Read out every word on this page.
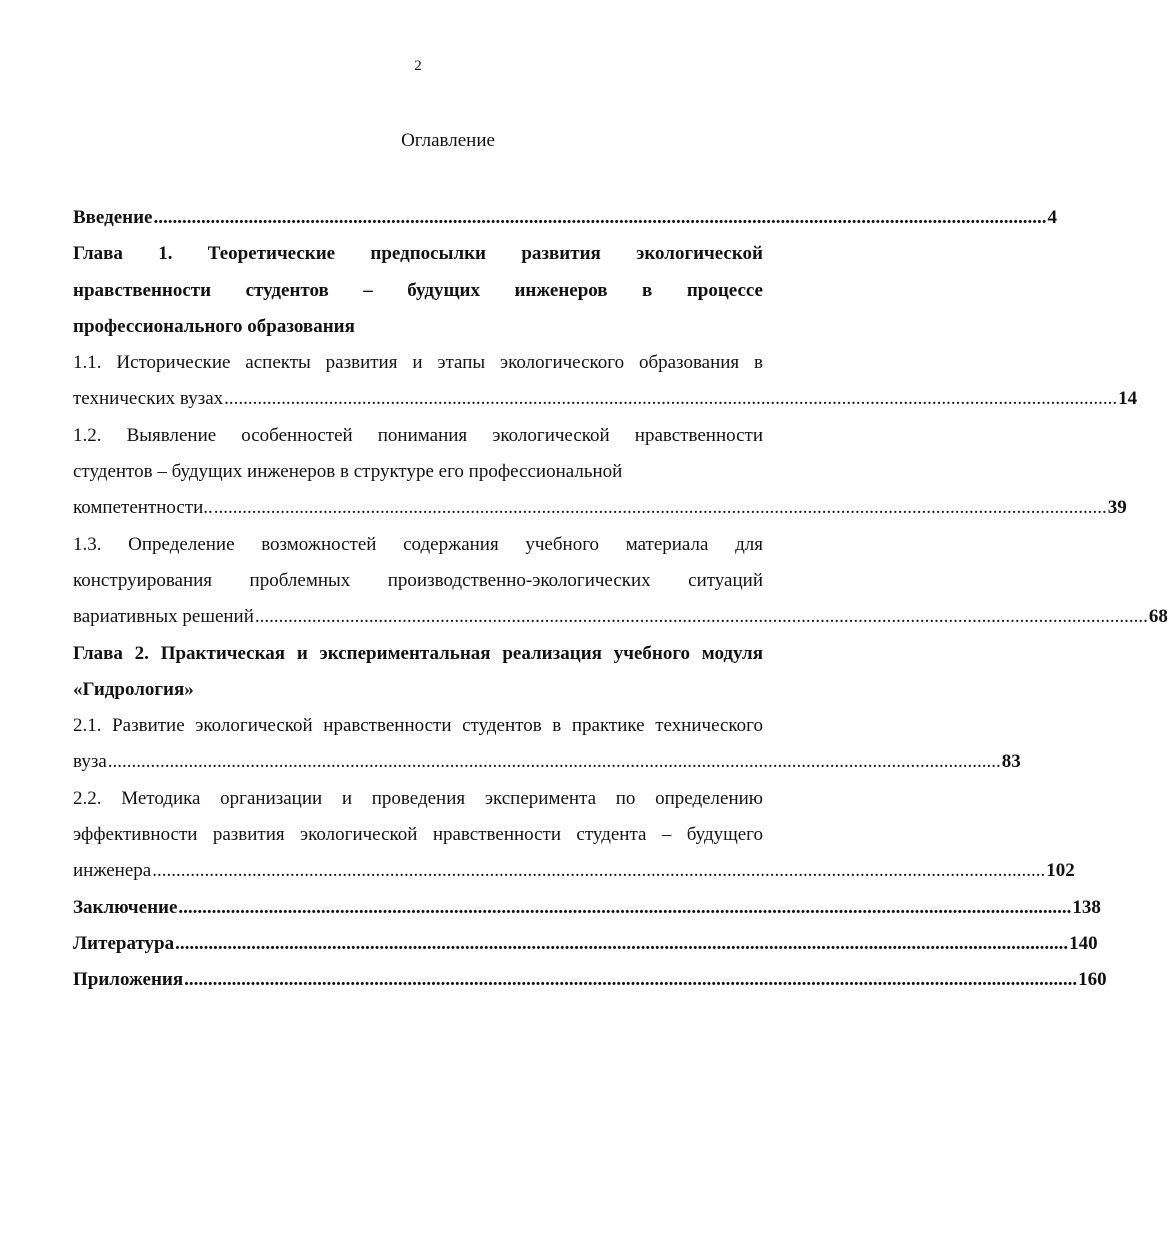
2
Оглавление
Введение ............................................................................................................................................................................................ 4
Глава 1. Теоретические предпосылки развития экологической
нравственности студентов – будущих инженеров в процессе
профессионального образования
1.1. Исторические аспекты развития и этапы экологического образования в
технических вузах ............................................................................................................................................................................................ 14
1.2. Выявление особенностей понимания экологической нравственности
студентов – будущих инженеров в структуре его профессиональной
компетентности.. ............................................................................................................................................................................................ 39
1.3. Определение возможностей содержания учебного материала для
конструирования проблемных производственно-экологических ситуаций
вариативных решений ............................................................................................................................................................................................ 68
Глава 2. Практическая и экспериментальная реализация учебного модуля
«Гидрология»
2.1. Развитие экологической нравственности студентов в практике технического
вуза ............................................................................................................................................................................................ 83
2.2. Методика организации и проведения эксперимента по определению
эффективности развития экологической нравственности студента – будущего
инженера ............................................................................................................................................................................................ 102
Заключение ............................................................................................................................................................................................ 138
Литература ............................................................................................................................................................................................ 140
Приложения ............................................................................................................................................................................................ 160
